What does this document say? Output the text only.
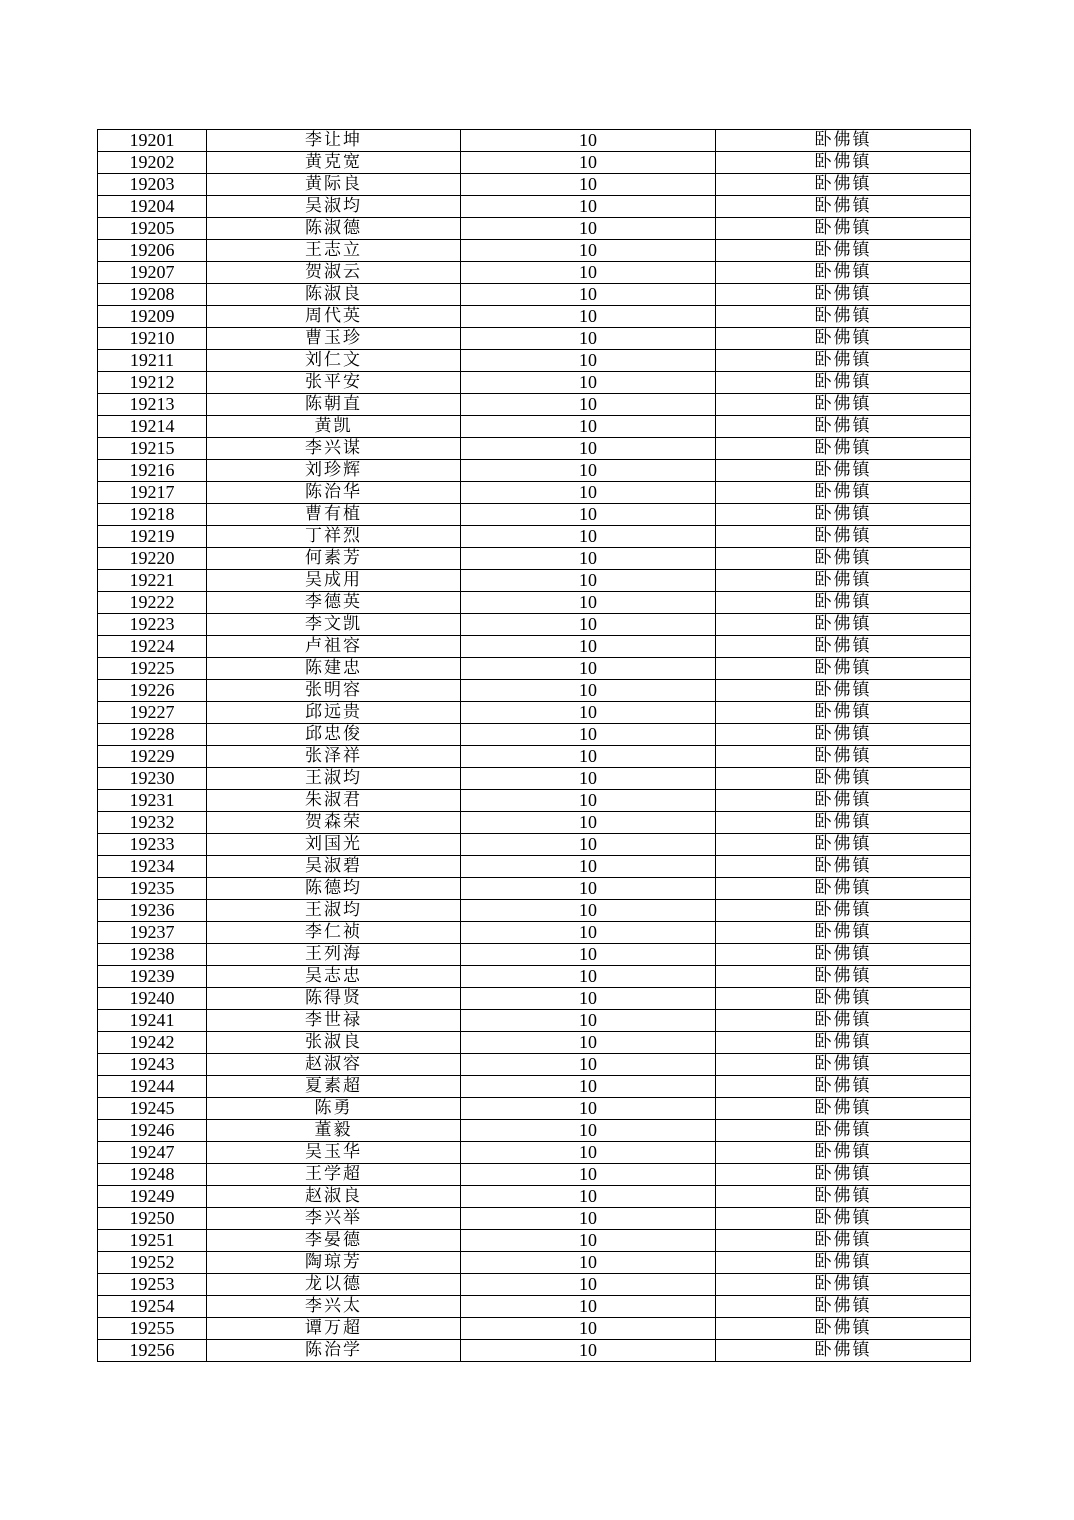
19201	李让坤	10	卧佛镇
19202	黄克宽	10	卧佛镇
19203	黄际良	10	卧佛镇
19204	吴淑均	10	卧佛镇
19205	陈淑德	10	卧佛镇
19206	王志立	10	卧佛镇
19207	贺淑云	10	卧佛镇
19208	陈淑良	10	卧佛镇
19209	周代英	10	卧佛镇
19210	曹玉珍	10	卧佛镇
19211	刘仁文	10	卧佛镇
19212	张平安	10	卧佛镇
19213	陈朝直	10	卧佛镇
19214	黄凯	10	卧佛镇
19215	李兴谋	10	卧佛镇
19216	刘珍辉	10	卧佛镇
19217	陈治华	10	卧佛镇
19218	曹有植	10	卧佛镇
19219	丁祥烈	10	卧佛镇
19220	何素芳	10	卧佛镇
19221	吴成用	10	卧佛镇
19222	李德英	10	卧佛镇
19223	李文凯	10	卧佛镇
19224	卢祖容	10	卧佛镇
19225	陈建忠	10	卧佛镇
19226	张明容	10	卧佛镇
19227	邱远贵	10	卧佛镇
19228	邱忠俊	10	卧佛镇
19229	张泽祥	10	卧佛镇
19230	王淑均	10	卧佛镇
19231	朱淑君	10	卧佛镇
19232	贺森荣	10	卧佛镇
19233	刘国光	10	卧佛镇
19234	吴淑碧	10	卧佛镇
19235	陈德均	10	卧佛镇
19236	王淑均	10	卧佛镇
19237	李仁祯	10	卧佛镇
19238	王列海	10	卧佛镇
19239	吴志忠	10	卧佛镇
19240	陈得贤	10	卧佛镇
19241	李世禄	10	卧佛镇
19242	张淑良	10	卧佛镇
19243	赵淑容	10	卧佛镇
19244	夏素超	10	卧佛镇
19245	陈勇	10	卧佛镇
19246	董毅	10	卧佛镇
19247	吴玉华	10	卧佛镇
19248	王学超	10	卧佛镇
19249	赵淑良	10	卧佛镇
19250	李兴举	10	卧佛镇
19251	李晏德	10	卧佛镇
19252	陶琼芳	10	卧佛镇
19253	龙以德	10	卧佛镇
19254	李兴太	10	卧佛镇
19255	谭万超	10	卧佛镇
19256	陈治学	10	卧佛镇
